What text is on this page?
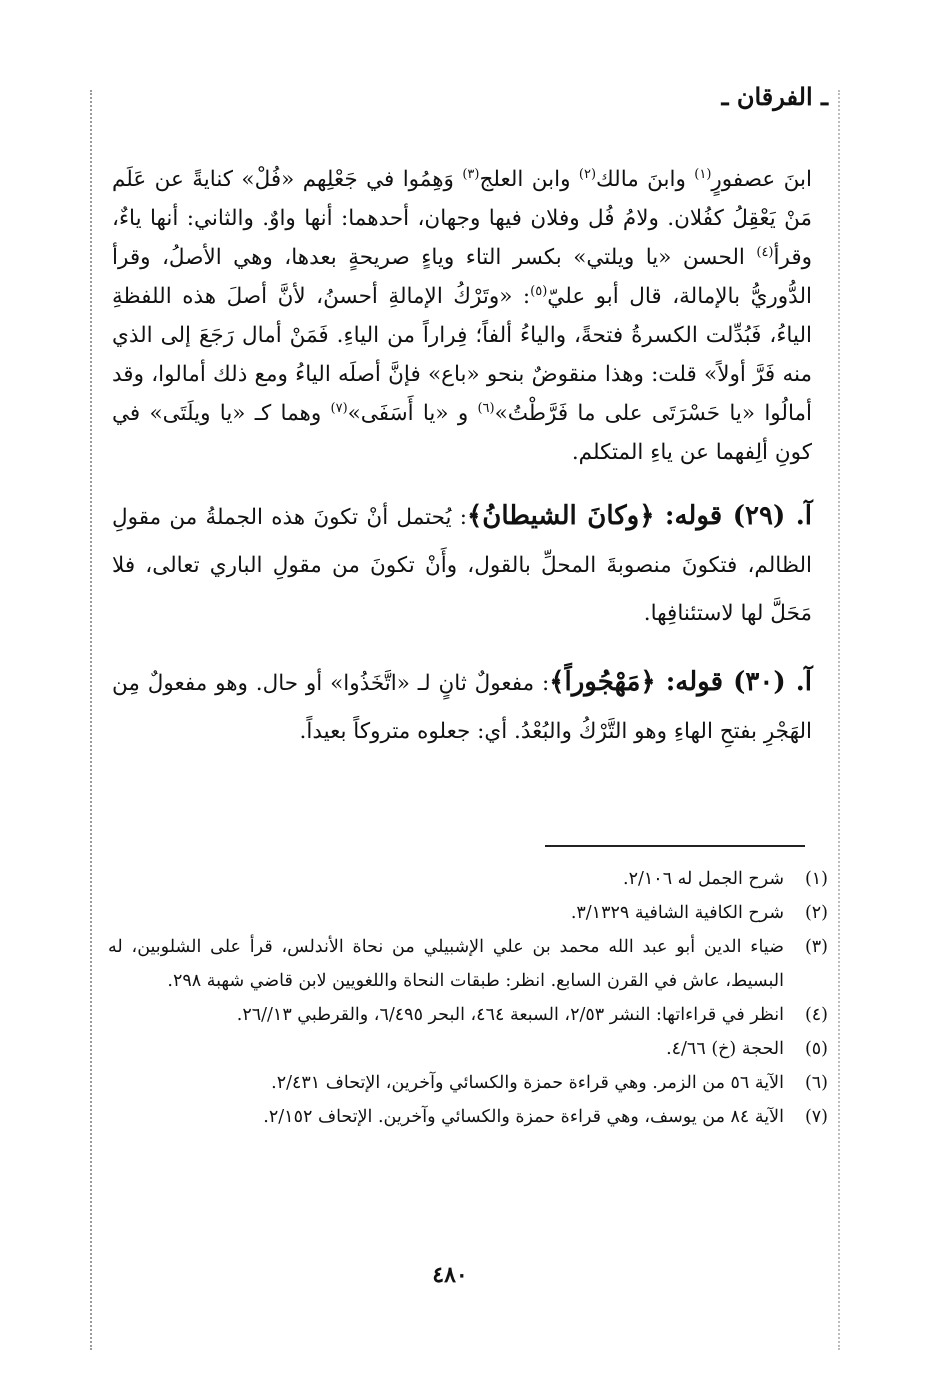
ـ الفرقان ـ

ابنَ عصفورٍ$^{(١)}$ وابنَ مالك$^{(٢)}$ وابن العلج$^{(٣)}$ وَهِمُوا في جَعْلِهم «فُلْ» كنايةً عن عَلَم مَنْ يَعْقِلُ كفُلان. ولامُ فُل وفلان فيها وجهان، أحدهما: أنها واوٌ. والثاني: أنها ياءٌ، وقرأ$^{(٤)}$ الحسن «يا ويلتي» بكسر التاء وياءٍ صريحةٍ بعدها، وهي الأصلُ، وقرأ الدُّوريُّ بالإمالة، قال أبو عليّ$^{(٥)}$: «وتَرْكُ الإمالةِ أحسنُ، لأنَّ أصلَ هذه اللفظةِ الياءُ، فَبُدِّلت الكسرةُ فتحةً، والياءُ ألفاً؛ فِراراً من الياءِ. فَمَنْ أمال رَجَعَ إلى الذي منه فَرَّ أولاً» قلت: وهذا منقوضٌ بنحو «باع» فإنَّ أصلَه الياءُ ومع ذلك أمالوا، وقد أمالُوا «يا حَسْرَتَى على ما فَرَّطْتُ»$^{(٦)}$ و «يا أَسَفَى»$^{(٧)}$ وهما كـ «يا ويلَتَى» في كونِ ألِفهما عن ياءِ المتكلم.

آ. (٢٩) قوله: ﴿وكانَ الشيطانُ﴾: يُحتمل أنْ تكونَ هذه الجملةُ من مقولِ الظالم، فتكونَ منصوبةَ المحلِّ بالقول، وأَنْ تكونَ من مقولِ الباري تعالى، فلا مَحَلَّ لها لاستئنافِها.

آ. (٣٠) قوله: ﴿مَهْجُوراً﴾: مفعولٌ ثانٍ لـ «اتَّخَذُوا» أو حال. وهو مفعولٌ مِن الهَجْرِ بفتحِ الهاءِ وهو التَّرْكُ والبُعْدُ. أي: جعلوه متروكاً بعيداً.

(١)
شرح الجمل له ٢/١٠٦.
(٢)
شرح الكافية الشافية ٣/١٣٢٩.
(٣)
ضياء الدين أبو عبد الله محمد بن علي الإشبيلي من نحاة الأندلس، قرأ على الشلوبين، له البسيط، عاش في القرن السابع. انظر: طبقات النحاة واللغويين لابن قاضي شهبة ٢٩٨.
(٤)
انظر في قراءاتها: النشر ٢/٥٣، السبعة ٤٦٤، البحر ٦/٤٩٥، والقرطبي ١٣//٢٦.
(٥)
الحجة (خ) ٤/٦٦.
(٦)
الآية ٥٦ من الزمر. وهي قراءة حمزة والكسائي وآخرين، الإتحاف ٢/٤٣١.
(٧)
الآية ٨٤ من يوسف، وهي قراءة حمزة والكسائي وآخرين. الإتحاف ٢/١٥٢.
٤٨٠
